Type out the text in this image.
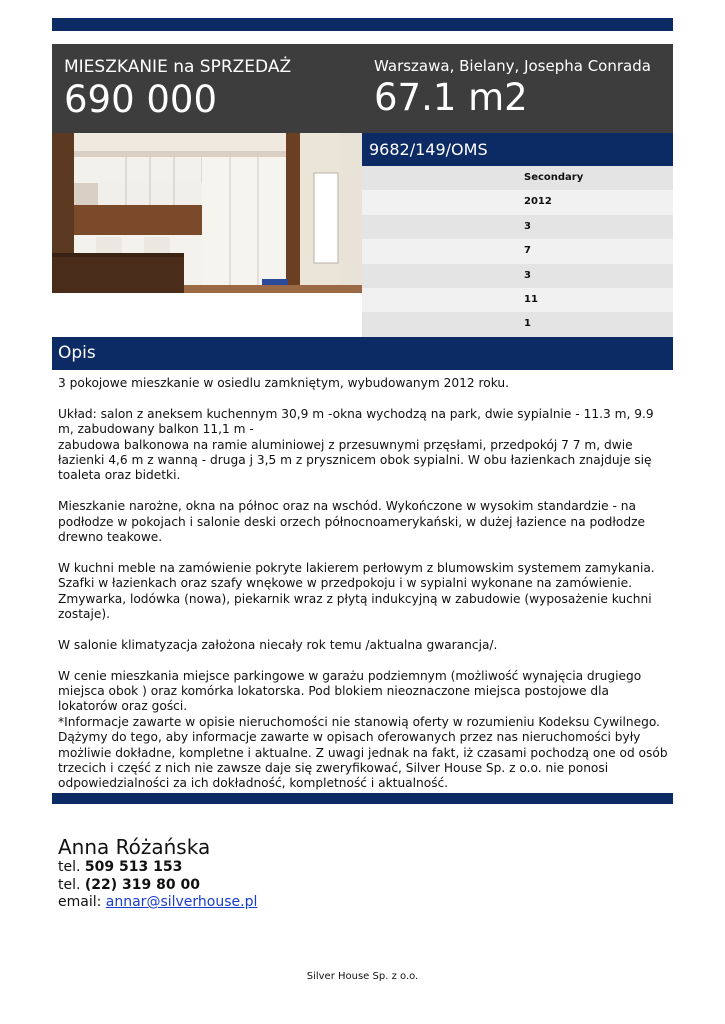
MIESZKANIE na SPRZEDAŻ
690 000
Warszawa, Bielany, Josepha Conrada
67.1 m2
9682/149/OMS
Secondary
2012
3
7
3
11
1
Opis

3 pokojowe mieszkanie w osiedlu zamkniętym, wybudowanym 2012 roku.

Układ: salon z aneksem kuchennym 30,9 m -okna wychodzą na park, dwie sypialnie - 11.3 m, 9.9 m, zabudowany balkon 11,1 m -
zabudowa balkonowa na ramie aluminiowej z przesuwnymi przęsłami, przedpokój 7 7 m, dwie łazienki 4,6 m z wanną - druga j 3,5 m z prysznicem obok sypialni. W obu łazienkach znajduje się toaleta oraz bidetki.

Mieszkanie narożne, okna na północ oraz na wschód. Wykończone w wysokim standardzie - na podłodze w pokojach i salonie deski orzech północnoamerykański, w dużej łazience na podłodze drewno teakowe.

W kuchni meble na zamówienie pokryte lakierem perłowym z blumowskim systemem zamykania. Szafki w łazienkach oraz szafy wnękowe w przedpokoju i w sypialni wykonane na zamówienie. Zmywarka, lodówka (nowa), piekarnik wraz z płytą indukcyjną w zabudowie (wyposażenie kuchni zostaje).

W salonie klimatyzacja założona niecały rok temu /aktualna gwarancja/.

W cenie mieszkania miejsce parkingowe w garażu podziemnym (możliwość wynajęcia drugiego miejsca obok ) oraz komórka lokatorska. Pod blokiem nieoznaczone miejsca postojowe dla lokatorów oraz gości.
*Informacje zawarte w opisie nieruchomości nie stanowią oferty w rozumieniu Kodeksu Cywilnego. Dążymy do tego, aby informacje zawarte w opisach oferowanych przez nas nieruchomości były możliwie dokładne, kompletne i aktualne. Z uwagi jednak na fakt, iż czasami pochodzą one od osób trzecich i część z nich nie zawsze daje się zweryfikować, Silver House Sp. z o.o. nie ponosi odpowiedzialności za ich dokładność, kompletność i aktualność.

Anna Różańska
tel. 509 513 153
tel. (22) 319 80 00
email: annar@silverhouse.pl
Silver House Sp. z o.o.
